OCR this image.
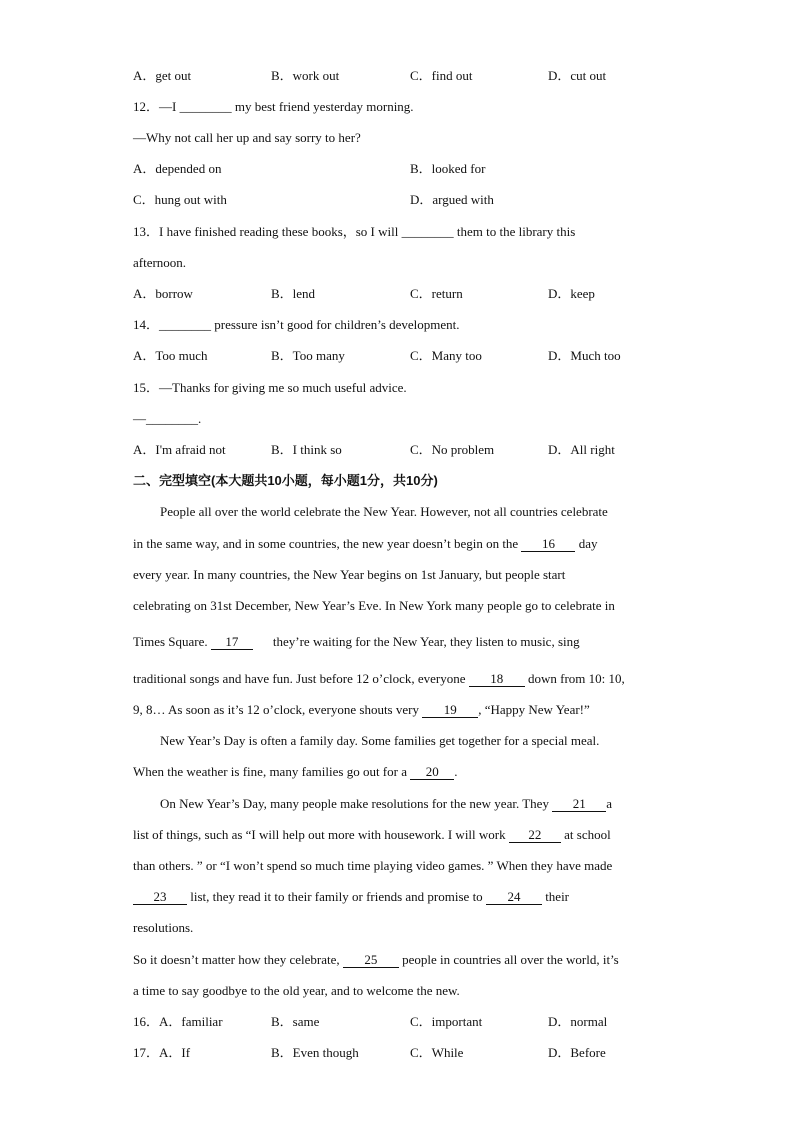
A．get out	B．work out	C．find out	D．cut out
12．—I ________ my best friend yesterday morning.
—Why not call her up and say sorry to her?
A．depended on	B．looked for
C．hung out with	D．argued with
13．I have finished reading these books，so I will ________ them to the library this
afternoon.
A．borrow	B．lend	C．return	D．keep
14．________ pressure isn’t good for children’s development.
A．Too much	B．Too many	C．Many too	D．Much too
15．—Thanks for giving me so much useful advice.
—________.
A．I'm afraid not	B．I think so	C．No problem	D．All right
二、完型填空(本大题共10小题，每小题1分，共10分)
People all over the world celebrate the New Year. However, not all countries celebrate
in the same way, and in some countries, the new year doesn’t begin on the 16 day
every year. In many countries, the New Year begins on 1st January, but people start
celebrating on 31st December, New Year’s Eve. In New York many people go to celebrate in
Times Square. 17	they’re waiting for the New Year, they listen to music, sing
traditional songs and have fun. Just before 12 o’clock, everyone 18 down from 10: 10,
9, 8… As soon as it’s 12 o’clock, everyone shouts very 19 , “Happy New Year!”
New Year’s Day is often a family day. Some families get together for a special meal.
When the weather is fine, many families go out for a 20 .
On New Year’s Day, many people make resolutions for the new year. They 21 a
list of things, such as “I will help out more with housework. I will work 22 at school
than others. ” or “I won’t spend so much time playing video games. ” When they have made
23 list, they read it to their family or friends and promise to 24 their
resolutions.
So it doesn’t matter how they celebrate, 25 people in countries all over the world, it’s
a time to say goodbye to the old year, and to welcome the new.
16．A．familiar	B．same	C．important	D．normal
17．A．If	B．Even though	C．While	D．Before
